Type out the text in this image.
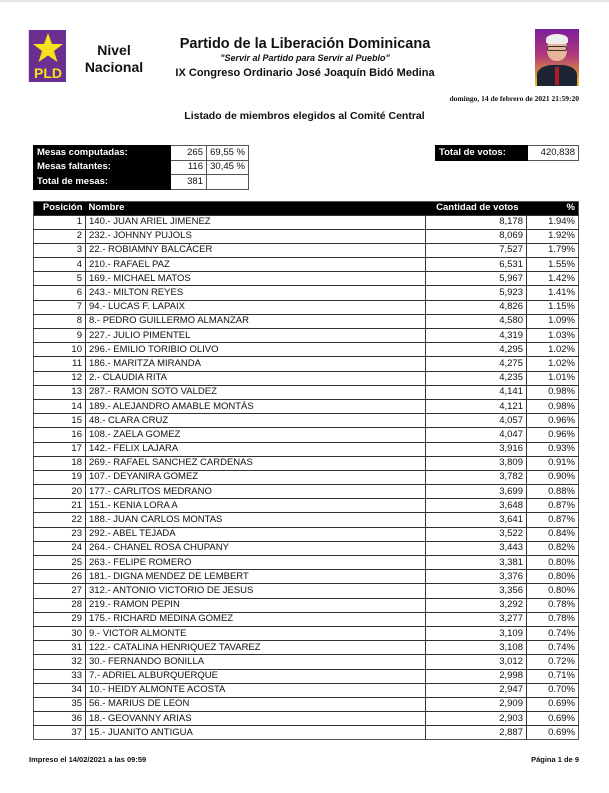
PLD
Nivel
Nacional
Partido de la Liberación Dominicana
"Servir al Partido para Servir al Pueblo"
IX Congreso Ordinario José Joaquín Bidó Medina
domingo, 14 de febrero de 2021 21:59:20
Listado de miembros elegidos al Comité Central
Mesas computadas:	265	69,55 %
Mesas faltantes:	116	30,45 %
Total de mesas:	381	
Total de votos:	420,838
Posición	Nombre	Cantidad de votos	%
1	140.- JUAN ARIEL JIMENEZ	8,178	1.94%
2	232.- JOHNNY PUJOLS	8,069	1.92%
3	22.- ROBIAMNY BALCÁCER	7,527	1.79%
4	210.- RAFAEL PAZ	6,531	1.55%
5	169.- MICHAEL MATOS	5,967	1.42%
6	243.- MILTON REYES	5,923	1.41%
7	94.- LUCAS F. LAPAIX	4,826	1.15%
8	8.- PEDRO GUILLERMO ALMANZAR	4,580	1.09%
9	227.- JULIO PIMENTEL	4,319	1.03%
10	296.- EMILIO TORIBIO OLIVO	4,295	1.02%
11	186.- MARITZA MIRANDA	4,275	1.02%
12	2.- CLAUDIA RITA	4,235	1.01%
13	287.- RAMON SOTO VALDEZ	4,141	0.98%
14	189.- ALEJANDRO AMABLE MONTÁS	4,121	0.98%
15	48.- CLARA CRUZ	4,057	0.96%
16	108.- ZAELA GOMEZ	4,047	0.96%
17	142.- FELIX LAJARA	3,916	0.93%
18	269.- RAFAEL SANCHEZ CARDENAS	3,809	0.91%
19	107.- DEYANIRA GOMEZ	3,782	0.90%
20	177.- CARLITOS MEDRANO	3,699	0.88%
21	151.- KENIA LORA A	3,648	0.87%
22	188.- JUAN CARLOS MONTAS	3,641	0.87%
23	292.- ABEL TEJADA	3,522	0.84%
24	264.- CHANEL ROSA CHUPANY	3,443	0.82%
25	263.- FELIPE ROMERO	3,381	0.80%
26	181.- DIGNA MENDEZ DE LEMBERT	3,376	0.80%
27	312.- ANTONIO VICTORIO DE JESUS	3,356	0.80%
28	219.- RAMON PEPIN	3,292	0.78%
29	175.- RICHARD MEDINA GOMEZ	3,277	0.78%
30	9.- VICTOR ALMONTE	3,109	0.74%
31	122.- CATALINA HENRIQUEZ TAVAREZ	3,108	0.74%
32	30.- FERNANDO BONILLA	3,012	0.72%
33	7.- ADRIEL ALBURQUERQUE	2,998	0.71%
34	10.- HEIDY ALMONTE ACOSTA	2,947	0.70%
35	56.- MARIUS DE LEON	2,909	0.69%
36	18.- GEOVANNY ARIAS	2,903	0.69%
37	15.- JUANITO ANTIGUA	2,887	0.69%
Impreso el 14/02/2021 a las 09:59	Página 1 de 9
